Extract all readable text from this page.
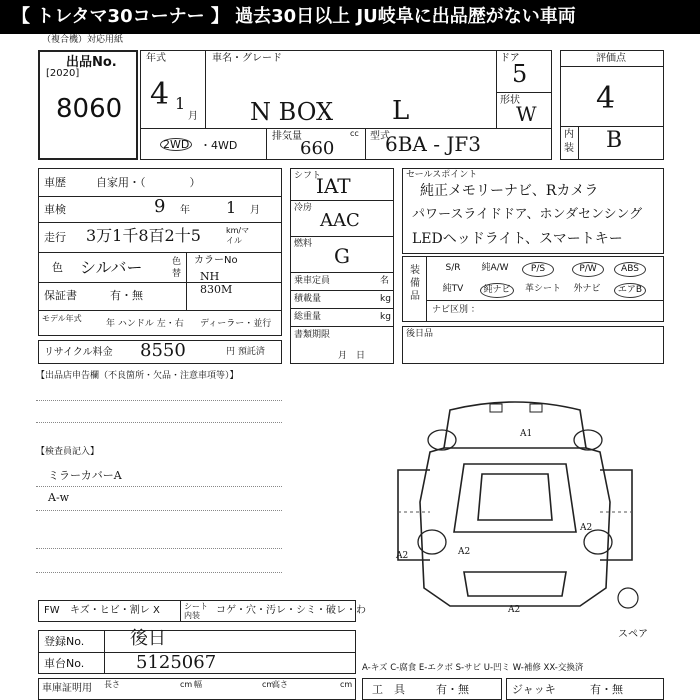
【 トレタマ30コーナー 】 過去30日以上 JU岐阜に出品歴がない車両
（複合機）対応用紙
出品No.
[2020]
8060
年式
4 1
月
車名・グレード
N BOX L
ドア
5
形状
W
2WD ・4WD
排気量	cc
660
型式
6BA - JF3
評価点
4
内装 B
車歴	自家用・（　　　　）
車検	9 年 1 月
走行 3万1千8百2十5	km/マイル
色 シルバー	色替
カラーNo
NH 830M
保証書	有・無
モデル年式
年 ハンドル 左・右 ディーラー・並行
リサイクル料金 8550	円 預託済
シフト
IAT
冷房
AAC
燃料 G
乗車定員	名
積載量	kg
総重量	kg
書類期限
月　日
セールスポイント
純正メモリーナビ、Rカメラ
パワースライドドア、ホンダセンシング
LEDヘッドライト、スマートキー
装備品
S/R	純A/W	P/S	P/W	ABS
純TV	純ナビ	革シート	外ナビ	エアB
ナビ区別 ：
後日品
【出品店申告欄（不良箇所・欠品・注意車項等）】
【検査員記入】
ミラーカバーA
A-w
A1
A2
A2	A2
A2
スペア
FW キズ・ヒビ・割レ X	シート内装	コゲ・穴・汚レ・シミ・破レ・わ
登録No.	後日
車台No.	5125067
車庫証明用 長さ	cm 幅	cm
高さ	cm
A-キズ C-腐食 E-エクボ S-サビ U-凹ミ W-補修 XX-交換済
工　具	有・無	ジャッキ	有・無
